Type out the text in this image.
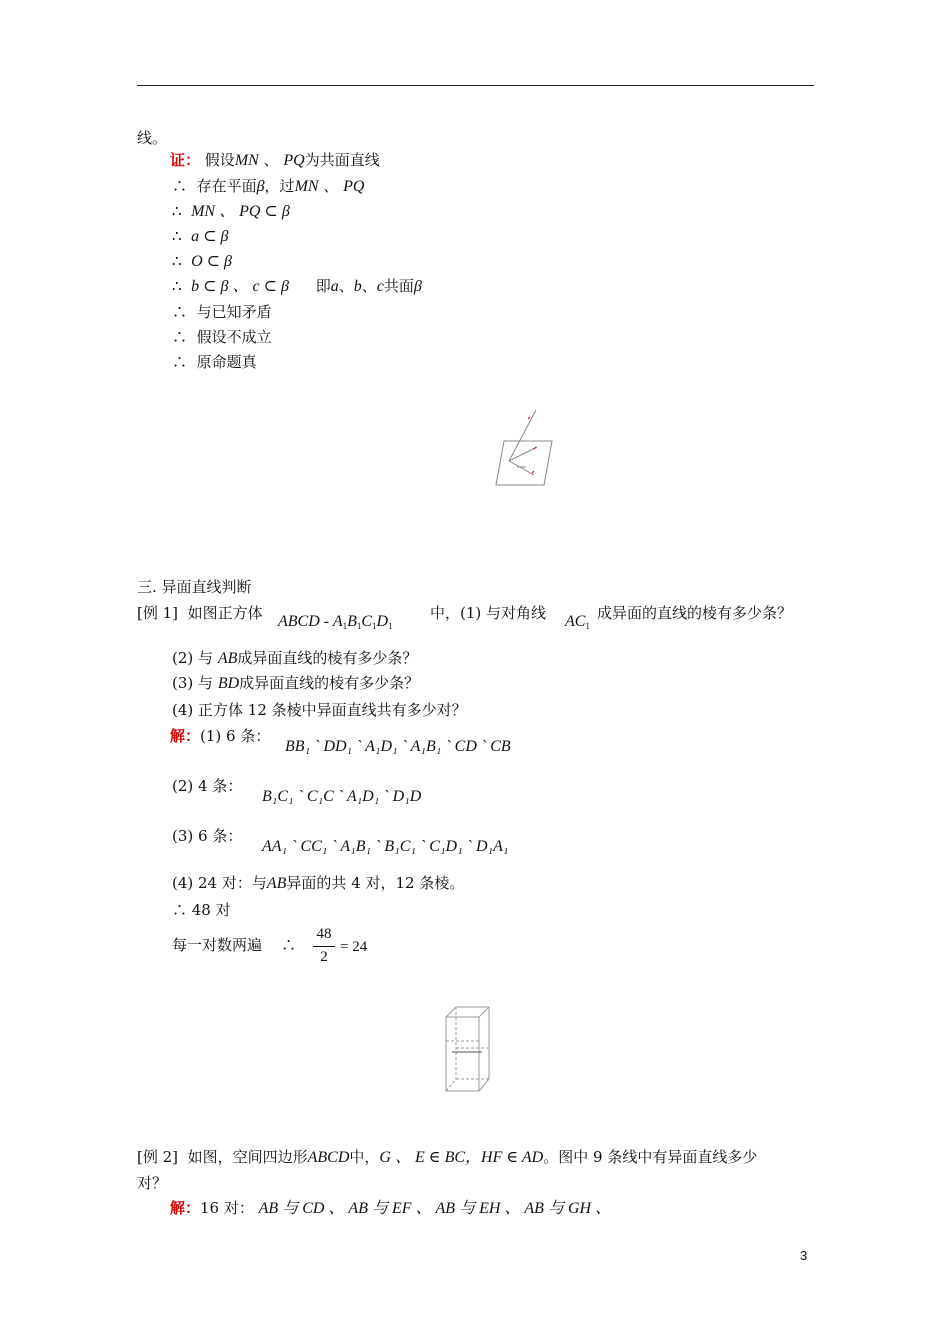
线。
证： 假设MN 、 PQ为共面直线
∴ 存在平面β，过MN 、 PQ
∴ MN 、 PQ ⊂ β
∴ a ⊂ β
∴ O ⊂ β
∴ b ⊂ β 、 c ⊂ β 即a、b、c共面β
∴ 与已知矛盾
∴ 假设不成立
∴ 原命题真
三. 异面直线判断
[例 1] 如图正方体 ABCD - $A_1B_1C_1D_1$
中，(1) 与对角线 $AC_1$
成异面的直线的棱有多少条？
(2) 与 AB成异面直线的棱有多少条？
(3) 与 BD成异面直线的棱有多少条？
(4) 正方体 12 条棱中异面直线共有多少对？
解：(1) 6 条：
BB₁ ` DD₁ ` A₁D₁ ` A₁B₁ ` CD ` CB
(2) 4 条：
B₁C₁ ` C₁C ` A₁D₁ ` D₁D
(3) 6 条：
AA₁ ` CC₁ ` A₁B₁ ` B₁C₁ ` C₁D₁ ` D₁A₁
(4) 24 对：与AB异面的共 4 对，12 条棱。
∴ 48 对
每一对数两遍 ∴
48
2
= 24
[例 2] 如图，空间四边形ABCD中，G 、 E ∈ BC，HF ∈ AD。图中 9 条线中有异面直线多少
对？
解：16 对： AB 与 CD 、 AB 与 EF 、 AB 与 EH 、 AB 与 GH 、
3
